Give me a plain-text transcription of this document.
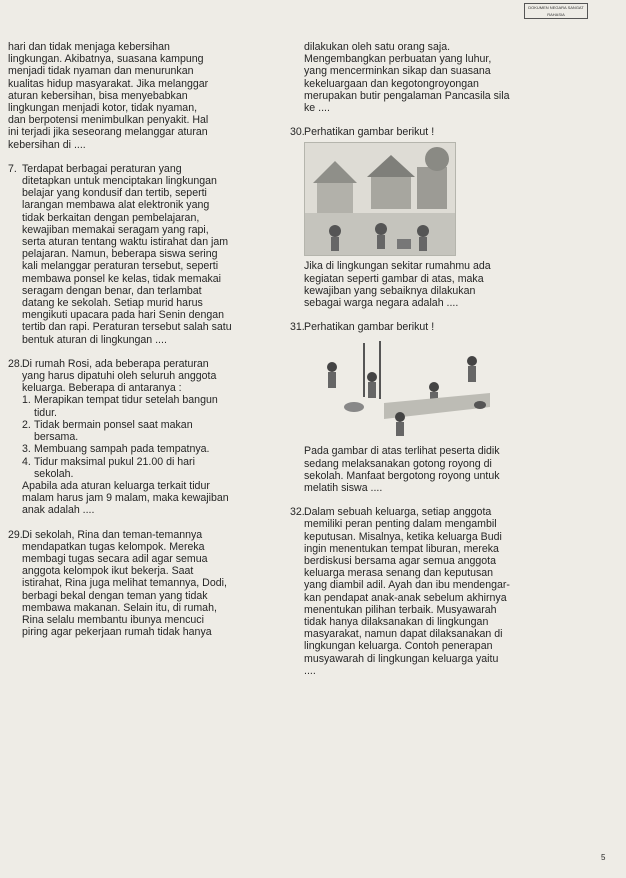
DOKUMEN NEGARA SANGAT RAHASIA

hari dan tidak menjaga kebersihan

lingkungan. Akibatnya, suasana kampung

menjadi tidak nyaman dan menurunkan

kualitas hidup masyarakat. Jika melanggar

aturan kebersihan, bisa menyebabkan

lingkungan menjadi kotor, tidak nyaman,

dan berpotensi menimbulkan penyakit. Hal

ini terjadi jika seseorang melanggar aturan

kebersihan di ....

7. Terdapat berbagai peraturan yang

ditetapkan untuk menciptakan lingkungan

belajar yang kondusif dan tertib, seperti

larangan membawa alat elektronik yang

tidak berkaitan dengan pembelajaran,

kewajiban memakai seragam yang rapi,

serta aturan tentang waktu istirahat dan jam

pelajaran. Namun, beberapa siswa sering

kali melanggar peraturan tersebut, seperti

membawa ponsel ke kelas, tidak memakai

seragam dengan benar, dan terlambat

datang ke sekolah. Setiap murid harus

mengikuti upacara pada hari Senin dengan

tertib dan rapi. Peraturan tersebut salah satu

bentuk aturan di lingkungan ....

28. Di rumah Rosi, ada beberapa peraturan

yang harus dipatuhi oleh seluruh anggota

keluarga. Beberapa di antaranya :

1. Merapikan tempat tidur setelah bangun

tidur.

2. Tidak bermain ponsel saat makan

bersama.

3. Membuang sampah pada tempatnya.

4. Tidur maksimal pukul 21.00 di hari

sekolah.

Apabila ada aturan keluarga terkait tidur

malam harus jam 9 malam, maka kewajiban

anak adalah ....

29. Di sekolah, Rina dan teman-temannya

mendapatkan tugas kelompok. Mereka

membagi tugas secara adil agar semua

anggota kelompok ikut bekerja. Saat

istirahat, Rina juga melihat temannya, Dodi,

berbagi bekal dengan teman yang tidak

membawa makanan. Selain itu, di rumah,

Rina selalu membantu ibunya mencuci

piring agar pekerjaan rumah tidak hanya

dilakukan oleh satu orang saja.

Mengembangkan perbuatan yang luhur,

yang mencerminkan sikap dan suasana

kekeluargaan dan kegotongroyongan

merupakan butir pengalaman Pancasila sila

ke ....

30. Perhatikan gambar berikut !

Jika di lingkungan sekitar rumahmu ada

kegiatan seperti gambar di atas, maka

kewajiban yang sebaiknya dilakukan

sebagai warga negara adalah ....

31. Perhatikan gambar berikut !

Pada gambar di atas terlihat peserta didik

sedang melaksanakan gotong royong di

sekolah. Manfaat bergotong royong untuk

melatih siswa ....

32. Dalam sebuah keluarga, setiap anggota

memiliki peran penting dalam mengambil

keputusan. Misalnya, ketika keluarga Budi

ingin menentukan tempat liburan, mereka

berdiskusi bersama agar semua anggota

keluarga merasa senang dan keputusan

yang diambil adil. Ayah dan ibu mendengar-

kan pendapat anak-anak sebelum akhirnya

menentukan pilihan terbaik. Musyawarah

tidak hanya dilaksanakan di lingkungan

masyarakat, namun dapat dilaksanakan di

lingkungan keluarga. Contoh penerapan

musyawarah di lingkungan keluarga yaitu

....

5
